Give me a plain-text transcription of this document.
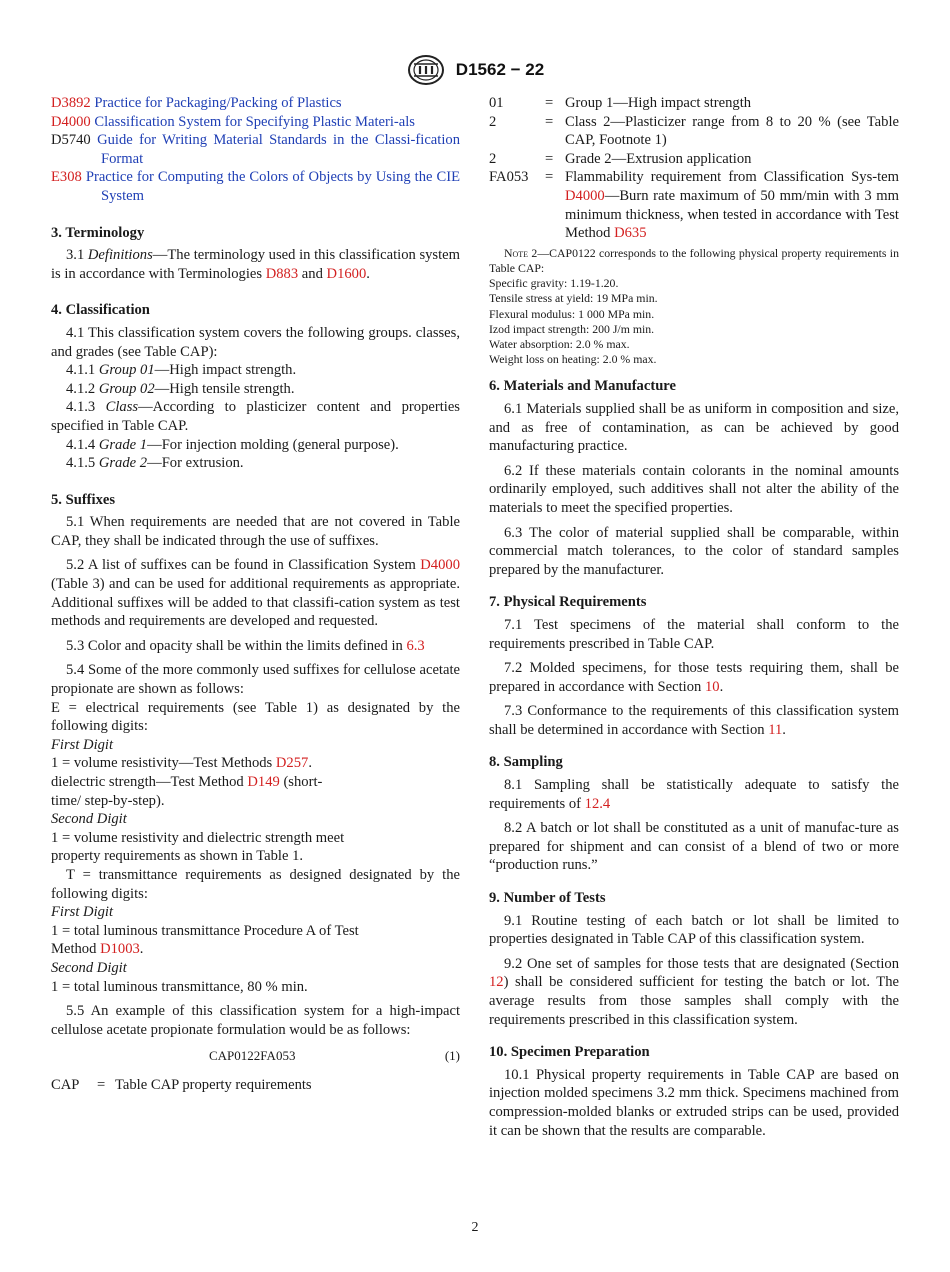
D1562 − 22
D3892 Practice for Packaging/Packing of Plastics
D4000 Classification System for Specifying Plastic Materi-als
D5740 Guide for Writing Material Standards in the Classi-fication Format
E308 Practice for Computing the Colors of Objects by Using the CIE System
3. Terminology
3.1 Definitions—The terminology used in this classification system is in accordance with Terminologies D883 and D1600.
4. Classification
4.1 This classification system covers the following groups. classes, and grades (see Table CAP):
4.1.1 Group 01—High impact strength.
4.1.2 Group 02—High tensile strength.
4.1.3 Class—According to plasticizer content and properties specified in Table CAP.
4.1.4 Grade 1—For injection molding (general purpose).
4.1.5 Grade 2—For extrusion.
5. Suffixes
5.1 When requirements are needed that are not covered in Table CAP, they shall be indicated through the use of suffixes.
5.2 A list of suffixes can be found in Classification System D4000 (Table 3) and can be used for additional requirements as appropriate. Additional suffixes will be added to that classifi-cation system as test methods and requirements are developed and requested.
5.3 Color and opacity shall be within the limits defined in 6.3
5.4 Some of the more commonly used suffixes for cellulose acetate propionate are shown as follows:
E = electrical requirements (see Table 1) as designated by the following digits:
First Digit
1 = volume resistivity—Test Methods D257.
dielectric strength—Test Method D149 (short-
time/ step-by-step).
Second Digit
1 = volume resistivity and dielectric strength meet
property requirements as shown in Table 1.
T = transmittance requirements as designed designated by the following digits:
First Digit
1 = total luminous transmittance Procedure A of Test
Method D1003.
Second Digit
1 = total luminous transmittance, 80 % min.
5.5 An example of this classification system for a high-impact cellulose acetate propionate formulation would be as follows:
CAP0122FA053	(1)
CAP	= Table CAP property requirements
01	= Group 1—High impact strength
2	= Class 2—Plasticizer range from 8 to 20 % (see Table CAP, Footnote 1)
2	= Grade 2—Extrusion application
FA053	= Flammability requirement from Classification Sys-tem D4000—Burn rate maximum of 50 mm/min with 3 mm minimum thickness, when tested in accordance with Test Method D635
Note 2—CAP0122 corresponds to the following physical property requirements in Table CAP:
Specific gravity: 1.19-1.20.
Tensile stress at yield: 19 MPa min.
Flexural modulus: 1 000 MPa min.
Izod impact strength: 200 J/m min.
Water absorption: 2.0 % max.
Weight loss on heating: 2.0 % max.
6. Materials and Manufacture
6.1 Materials supplied shall be as uniform in composition and size, and as free of contamination, as can be achieved by good manufacturing practice.
6.2 If these materials contain colorants in the nominal amounts ordinarily employed, such additives shall not alter the ability of the materials to meet the specified properties.
6.3 The color of material supplied shall be comparable, within commercial match tolerances, to the color of standard samples prepared by the manufacturer.
7. Physical Requirements
7.1 Test specimens of the material shall conform to the requirements prescribed in Table CAP.
7.2 Molded specimens, for those tests requiring them, shall be prepared in accordance with Section 10.
7.3 Conformance to the requirements of this classification system shall be determined in accordance with Section 11.
8. Sampling
8.1 Sampling shall be statistically adequate to satisfy the requirements of 12.4
8.2 A batch or lot shall be constituted as a unit of manufac-ture as prepared for shipment and can consist of a blend of two or more “production runs.”
9. Number of Tests
9.1 Routine testing of each batch or lot shall be limited to properties designated in Table CAP of this classification system.
9.2 One set of samples for those tests that are designated (Section 12) shall be considered sufficient for testing the batch or lot. The average results from those samples shall comply with the requirements prescribed in this classification system.
10. Specimen Preparation
10.1 Physical property requirements in Table CAP are based on injection molded specimens 3.2 mm thick. Specimens machined from compression-molded blanks or extruded strips can be used, provided it can be shown that the results are comparable.
2
